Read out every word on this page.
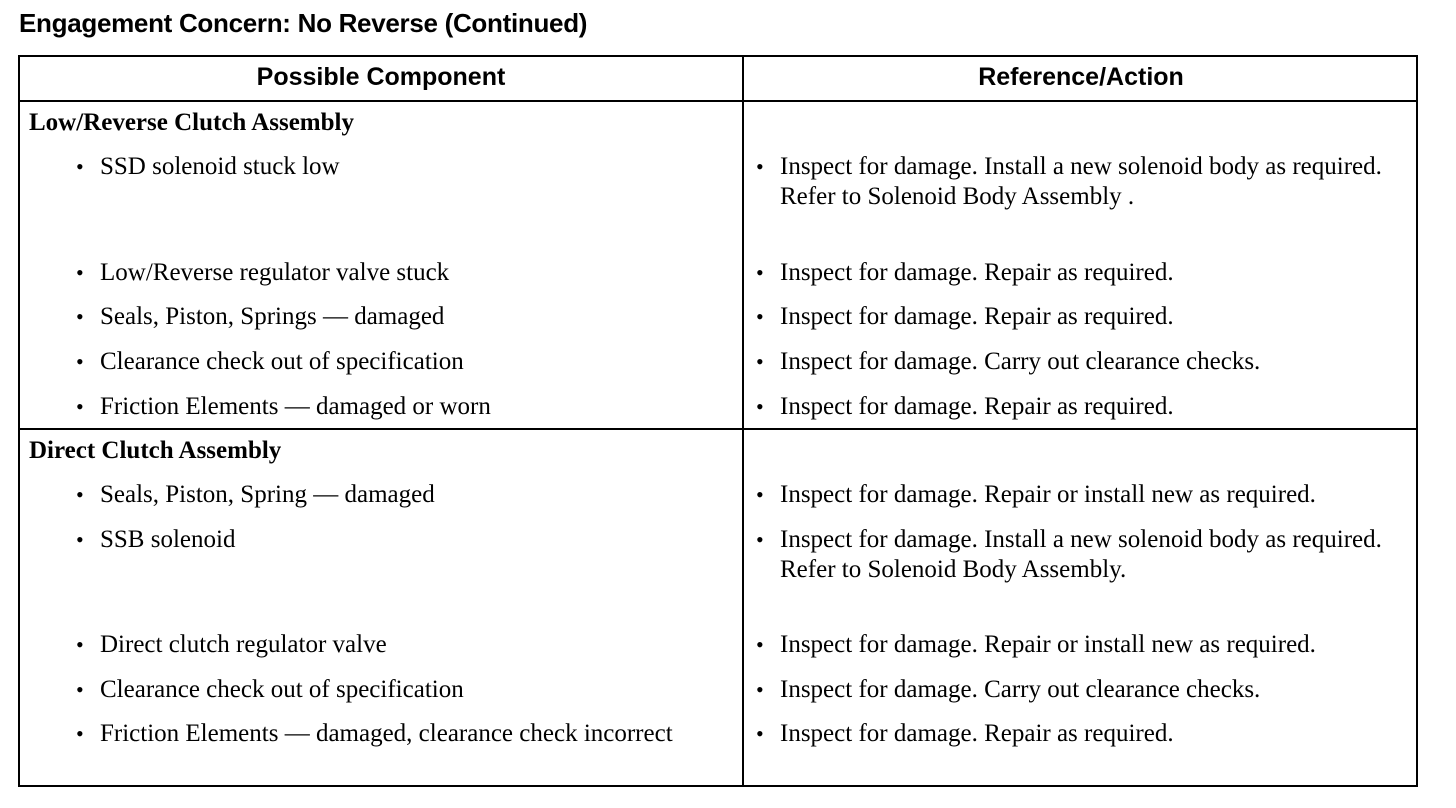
Engagement Concern: No Reverse (Continued)
Possible Component	Reference/Action
Low/Reverse Clutch Assembly
• SSD solenoid stuck low	• Inspect for damage. Install a new solenoid body as required. Refer to Solenoid Body Assembly .
• Low/Reverse regulator valve stuck	• Inspect for damage. Repair as required.
• Seals, Piston, Springs — damaged	• Inspect for damage. Repair as required.
• Clearance check out of specification	• Inspect for damage. Carry out clearance checks.
• Friction Elements — damaged or worn	• Inspect for damage. Repair as required.
Direct Clutch Assembly
• Seals, Piston, Spring — damaged	• Inspect for damage. Repair or install new as required.
• SSB solenoid	• Inspect for damage. Install a new solenoid body as required. Refer to Solenoid Body Assembly.
• Direct clutch regulator valve	• Inspect for damage. Repair or install new as required.
• Clearance check out of specification	• Inspect for damage. Carry out clearance checks.
• Friction Elements — damaged, clearance check incorrect	• Inspect for damage. Repair as required.
